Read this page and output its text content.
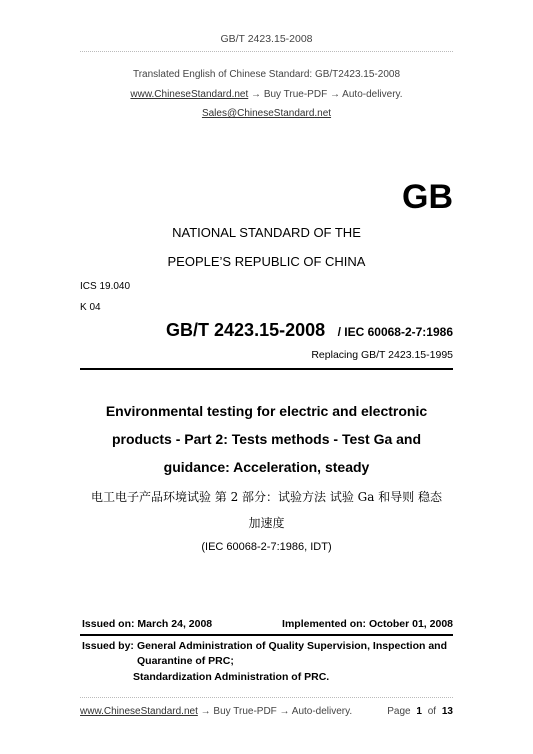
GB/T 2423.15-2008
Translated English of Chinese Standard: GB/T2423.15-2008
www.ChineseStandard.net → Buy True-PDF → Auto-delivery.
Sales@ChineseStandard.net
GB
NATIONAL STANDARD OF THE
PEOPLE’S REPUBLIC OF CHINA
ICS 19.040
K 04
GB/T 2423.15-2008 / IEC 60068-2-7:1986
Replacing GB/T 2423.15-1995
Environmental testing for electric and electronic
products - Part 2: Tests methods - Test Ga and
guidance: Acceleration, steady
电工电子产品环境试验 第 2 部分：试验方法 试验 Ga 和导则 稳态
加速度
(IEC 60068-2-7:1986, IDT)
Issued on: March 24, 2008	Implemented on: October 01, 2008
Issued by: General Administration of Quality Supervision, Inspection and
Quarantine of PRC;
Standardization Administration of PRC.
www.ChineseStandard.net → Buy True-PDF → Auto-delivery.	Page 1 of 13
